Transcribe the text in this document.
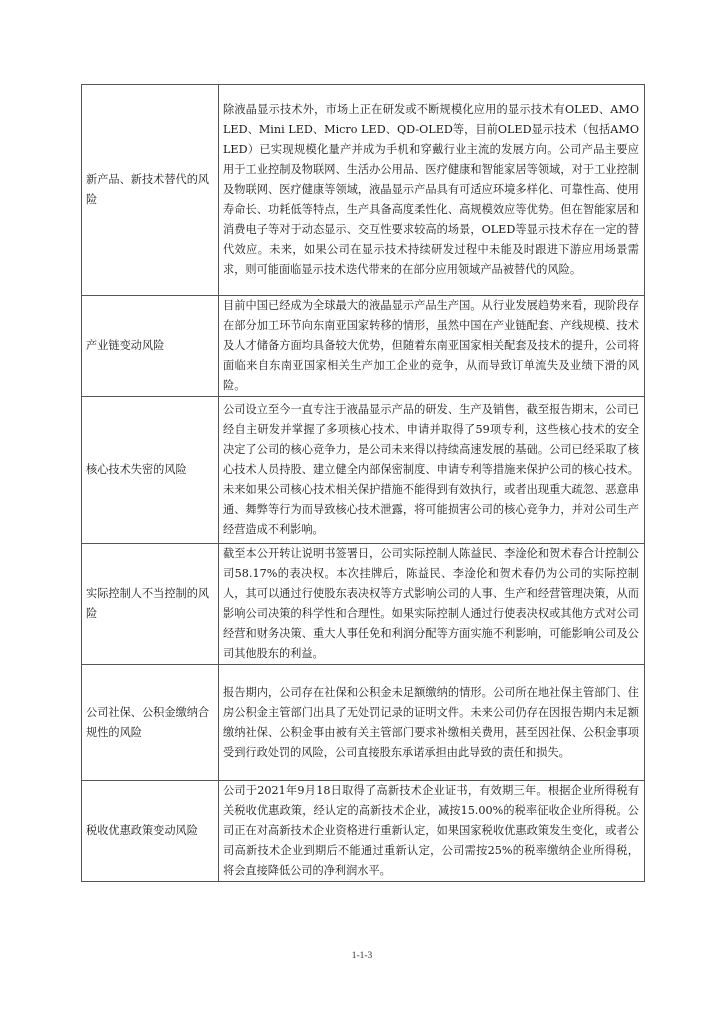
新产品、新技术替代的风险	除液晶显示技术外，市场上正在研发或不断规模化应用的显示技术有OLED、AMOLED、Mini LED、Micro LED、QD-OLED等，目前OLED显示技术（包括AMOLED）已实现规模化量产并成为手机和穿戴行业主流的发展方向。公司产品主要应用于工业控制及物联网、生活办公用品、医疗健康和智能家居等领域，对于工业控制及物联网、医疗健康等领域，液晶显示产品具有可适应环境多样化、可靠性高、使用寿命长、功耗低等特点，生产具备高度柔性化、高规模效应等优势。但在智能家居和消费电子等对于动态显示、交互性要求较高的场景，OLED等显示技术存在一定的替代效应。未来，如果公司在显示技术持续研发过程中未能及时跟进下游应用场景需求，则可能面临显示技术迭代带来的在部分应用领域产品被替代的风险。
产业链变动风险	目前中国已经成为全球最大的液晶显示产品生产国。从行业发展趋势来看，现阶段存在部分加工环节向东南亚国家转移的情形，虽然中国在产业链配套、产线规模、技术及人才储备方面均具备较大优势，但随着东南亚国家相关配套及技术的提升，公司将面临来自东南亚国家相关生产加工企业的竞争，从而导致订单流失及业绩下滑的风险。
核心技术失密的风险	公司设立至今一直专注于液晶显示产品的研发、生产及销售，截至报告期末，公司已经自主研发并掌握了多项核心技术、申请并取得了59项专利，这些核心技术的安全决定了公司的核心竞争力，是公司未来得以持续高速发展的基础。公司已经采取了核心技术人员持股、建立健全内部保密制度、申请专利等措施来保护公司的核心技术。未来如果公司核心技术相关保护措施不能得到有效执行，或者出现重大疏忽、恶意串通、舞弊等行为而导致核心技术泄露，将可能损害公司的核心竞争力，并对公司生产经营造成不利影响。
实际控制人不当控制的风险	截至本公开转让说明书签署日，公司实际控制人陈益民、李淦伦和贺术春合计控制公司58.17%的表决权。本次挂牌后，陈益民、李淦伦和贺术春仍为公司的实际控制人，其可以通过行使股东表决权等方式影响公司的人事、生产和经营管理决策，从而影响公司决策的科学性和合理性。如果实际控制人通过行使表决权或其他方式对公司经营和财务决策、重大人事任免和利润分配等方面实施不利影响，可能影响公司及公司其他股东的利益。
公司社保、公积金缴纳合规性的风险	报告期内，公司存在社保和公积金未足额缴纳的情形。公司所在地社保主管部门、住房公积金主管部门出具了无处罚记录的证明文件。未来公司仍存在因报告期内未足额缴纳社保、公积金事由被有关主管部门要求补缴相关费用，甚至因社保、公积金事项受到行政处罚的风险，公司直接股东承诺承担由此导致的责任和损失。
税收优惠政策变动风险	公司于2021年9月18日取得了高新技术企业证书，有效期三年。根据企业所得税有关税收优惠政策，经认定的高新技术企业，减按15.00%的税率征收企业所得税。公司正在对高新技术企业资格进行重新认定，如果国家税收优惠政策发生变化，或者公司高新技术企业到期后不能通过重新认定，公司需按25%的税率缴纳企业所得税，将会直接降低公司的净利润水平。
1-1-3
